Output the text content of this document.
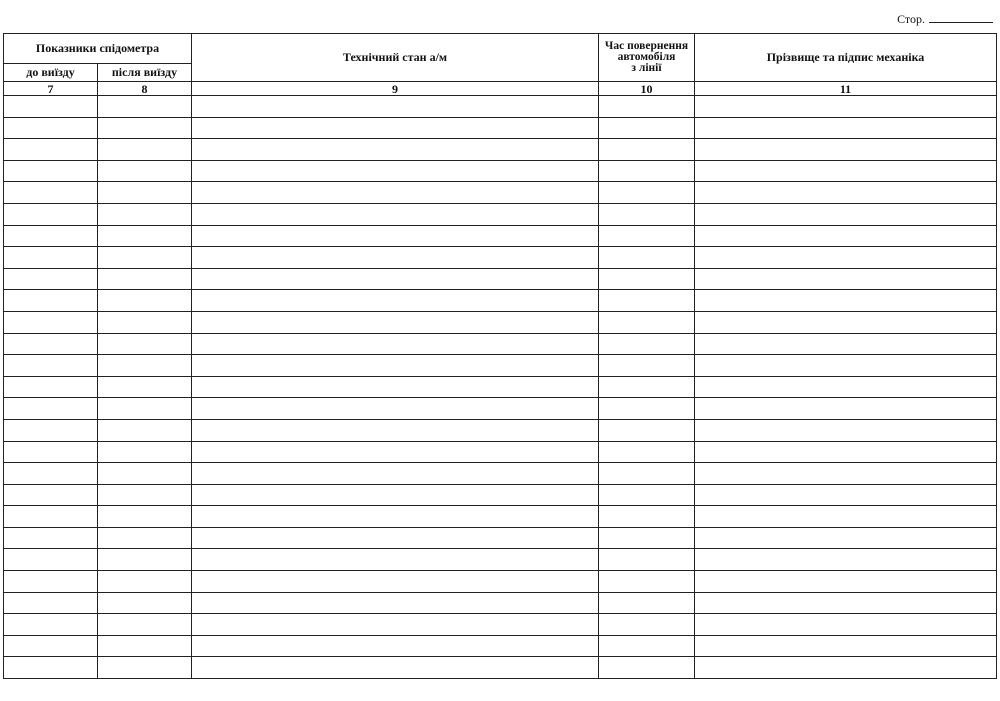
Стор.
Показники спідометра		Технічний стан а/м	Час повернення
автомобіля
з лінії	Прізвище та підпис механіка
до виїзду	після виїзду			
7	8	9	10	11
